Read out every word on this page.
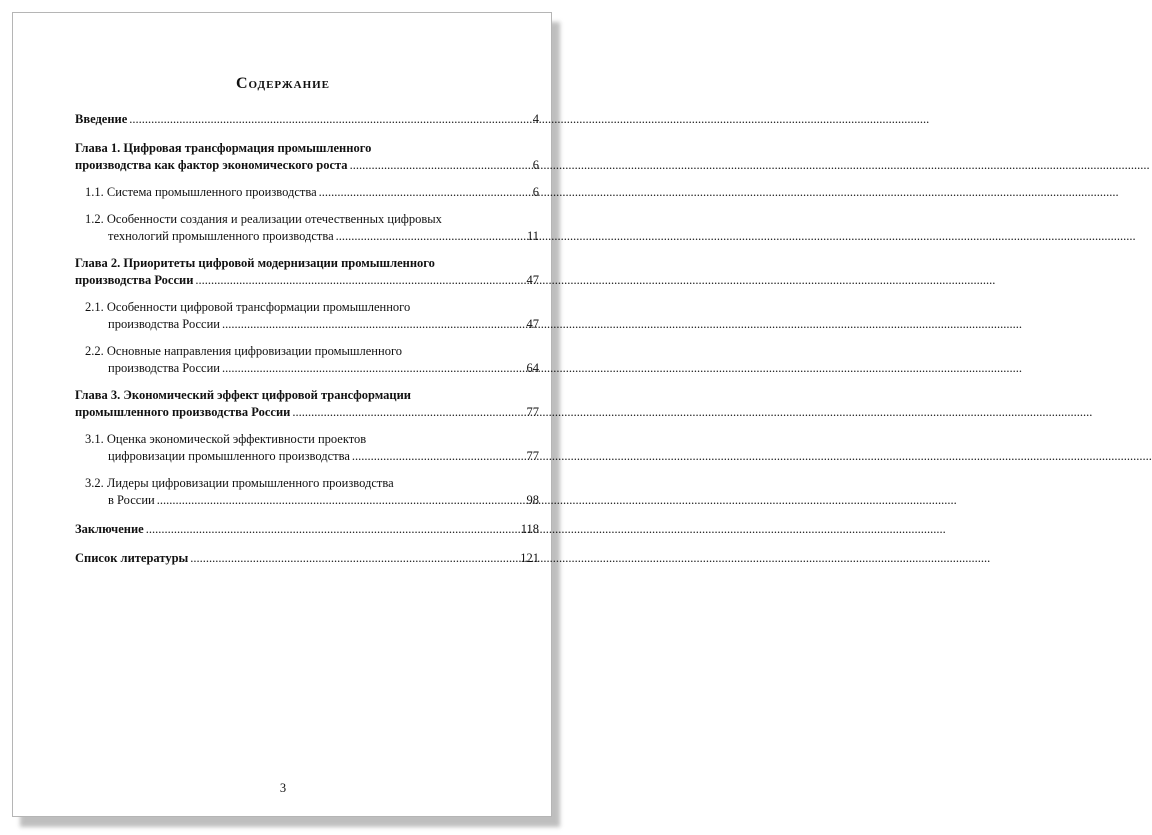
Содержание
Введение .....	4
Глава 1. Цифровая трансформация промышленного
производства как фактор экономического роста .....	6
1.1. Система промышленного производства .....	6
1.2. Особенности создания и реализации отечественных цифровых
технологий промышленного производства .....	11
Глава 2. Приоритеты цифровой модернизации промышленного
производства России .....	47
2.1. Особенности цифровой трансформации промышленного
производства России .....	47
2.2. Основные направления цифровизации промышленного
производства России .....	64
Глава 3. Экономический эффект цифровой трансформации
промышленного производства России .....	77
3.1. Оценка экономической эффективности проектов
цифровизации промышленного производства .....	77
3.2. Лидеры цифровизации промышленного производства
в России .....	98
Заключение .....	118
Список литературы .....	121
3
